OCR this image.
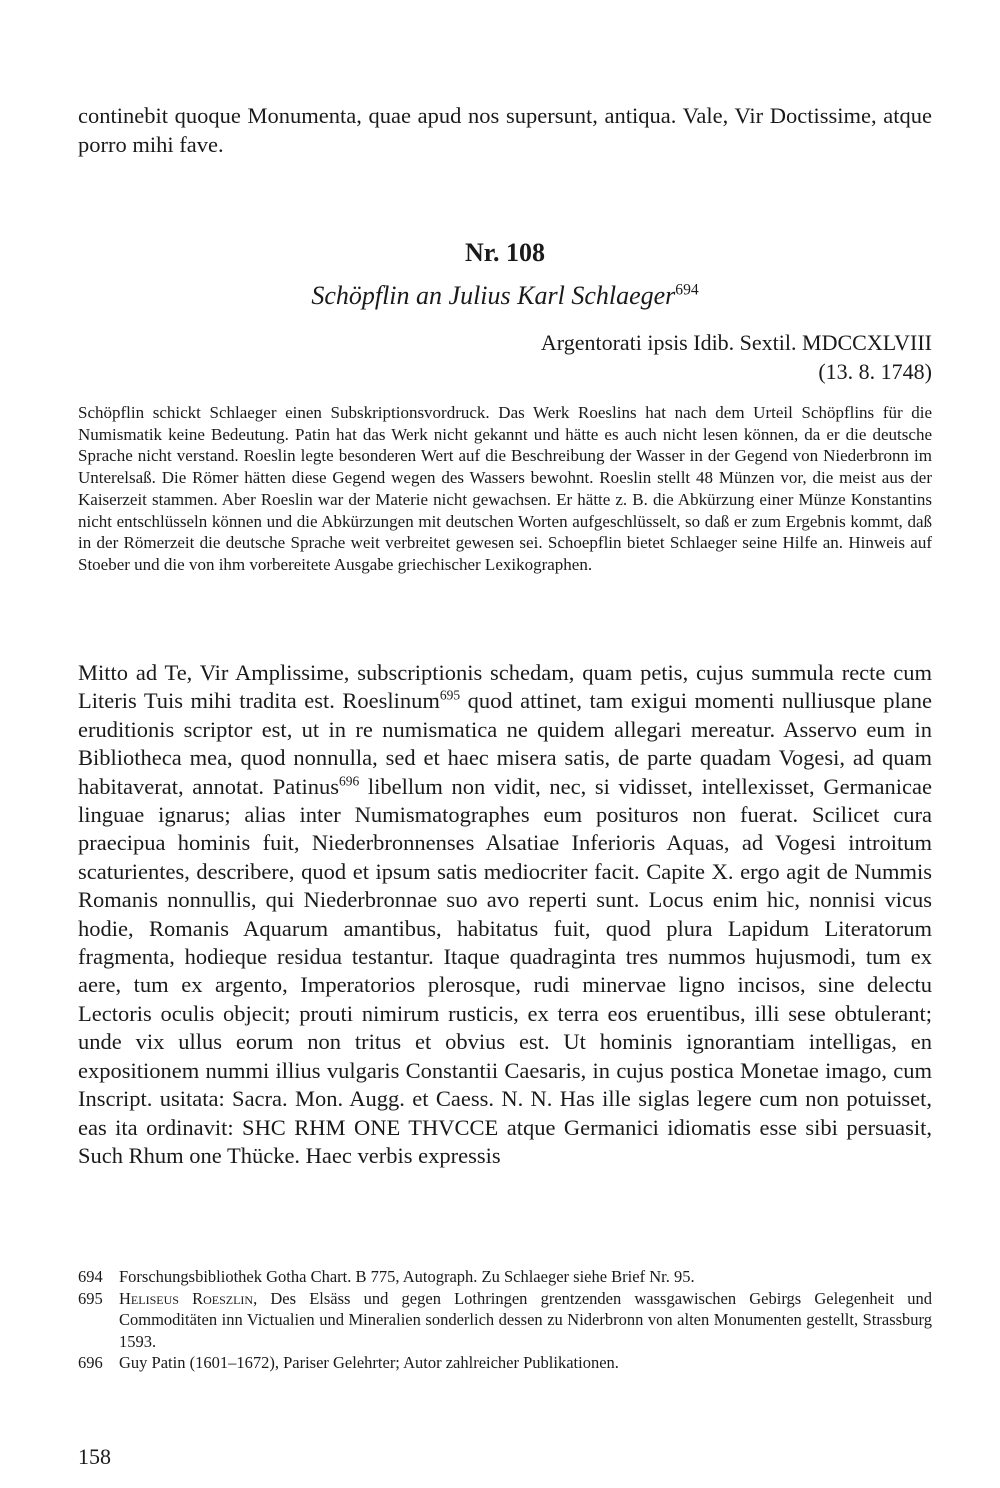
continebit quoque Monumenta, quae apud nos supersunt, antiqua. Vale, Vir Doctissime, atque porro mihi fave.

Nr. 108
Schöpflin an Julius Karl Schlaeger$^{694}$
Argentorati ipsis Idib. Sextil. MDCCXLVIII
(13. 8. 1748)

Schöpflin schickt Schlaeger einen Subskriptionsvordruck. Das Werk Roeslins hat nach dem Urteil Schöpflins für die Numismatik keine Bedeutung. Patin hat das Werk nicht gekannt und hätte es auch nicht lesen können, da er die deutsche Sprache nicht verstand. Roeslin legte besonderen Wert auf die Beschreibung der Wasser in der Gegend von Niederbronn im Unterelsaß. Die Römer hätten diese Gegend wegen des Wassers bewohnt. Roeslin stellt 48 Münzen vor, die meist aus der Kaiserzeit stammen. Aber Roeslin war der Materie nicht gewachsen. Er hätte z. B. die Abkürzung einer Münze Konstantins nicht entschlüsseln können und die Abkürzungen mit deutschen Worten aufgeschlüsselt, so daß er zum Ergebnis kommt, daß in der Römerzeit die deutsche Sprache weit verbreitet gewesen sei. Schoepflin bietet Schlaeger seine Hilfe an. Hinweis auf Stoeber und die von ihm vorbereitete Ausgabe griechischer Lexikographen.

Mitto ad Te, Vir Amplissime, subscriptionis schedam, quam petis, cujus summula recte cum Literis Tuis mihi tradita est. Roeslinum$^{695}$ quod attinet, tam exigui momenti nulliusque plane eruditionis scriptor est, ut in re numismatica ne quidem allegari mereatur. Asservo eum in Bibliotheca mea, quod nonnulla, sed et haec misera satis, de parte quadam Vogesi, ad quam habitaverat, annotat. Patinus$^{696}$ libellum non vidit, nec, si vidisset, intellexisset, Germanicae linguae ignarus; alias inter Numismatographes eum posituros non fuerat. Scilicet cura praecipua hominis fuit, Niederbronnenses Alsatiae Inferioris Aquas, ad Vogesi introitum scaturientes, describere, quod et ipsum satis mediocriter facit. Capite X. ergo agit de Nummis Romanis nonnullis, qui Niederbronnae suo avo reperti sunt. Locus enim hic, nonnisi vicus hodie, Romanis Aquarum amantibus, habitatus fuit, quod plura Lapidum Literatorum fragmenta, hodieque residua testantur. Itaque quadraginta tres nummos hujusmodi, tum ex aere, tum ex argento, Imperatorios plerosque, rudi minervae ligno incisos, sine delectu Lectoris oculis objecit; prouti nimirum rusticis, ex terra eos eruentibus, illi sese obtulerant; unde vix ullus eorum non tritus et obvius est. Ut hominis ignorantiam intelligas, en expositionem nummi illius vulgaris Constantii Caesaris, in cujus postica Monetae imago, cum Inscript. usitata: Sacra. Mon. Augg. et Caess. N. N. Has ille siglas legere cum non potuisset, eas ita ordinavit: SHC RHM ONE THVCCE atque Germanici idiomatis esse sibi persuasit, Such Rhum one Thücke. Haec verbis expressis

694 Forschungsbibliothek Gotha Chart. B 775, Autograph. Zu Schlaeger siehe Brief Nr. 95.

695 Heliseus Roeszlin, Des Elsäss und gegen Lothringen grentzenden wassgawischen Gebirgs Gelegenheit und Commoditäten inn Victualien und Mineralien sonderlich dessen zu Niderbronn von alten Monumenten gestellt, Strassburg 1593.

696 Guy Patin (1601–1672), Pariser Gelehrter; Autor zahlreicher Publikationen.

158
